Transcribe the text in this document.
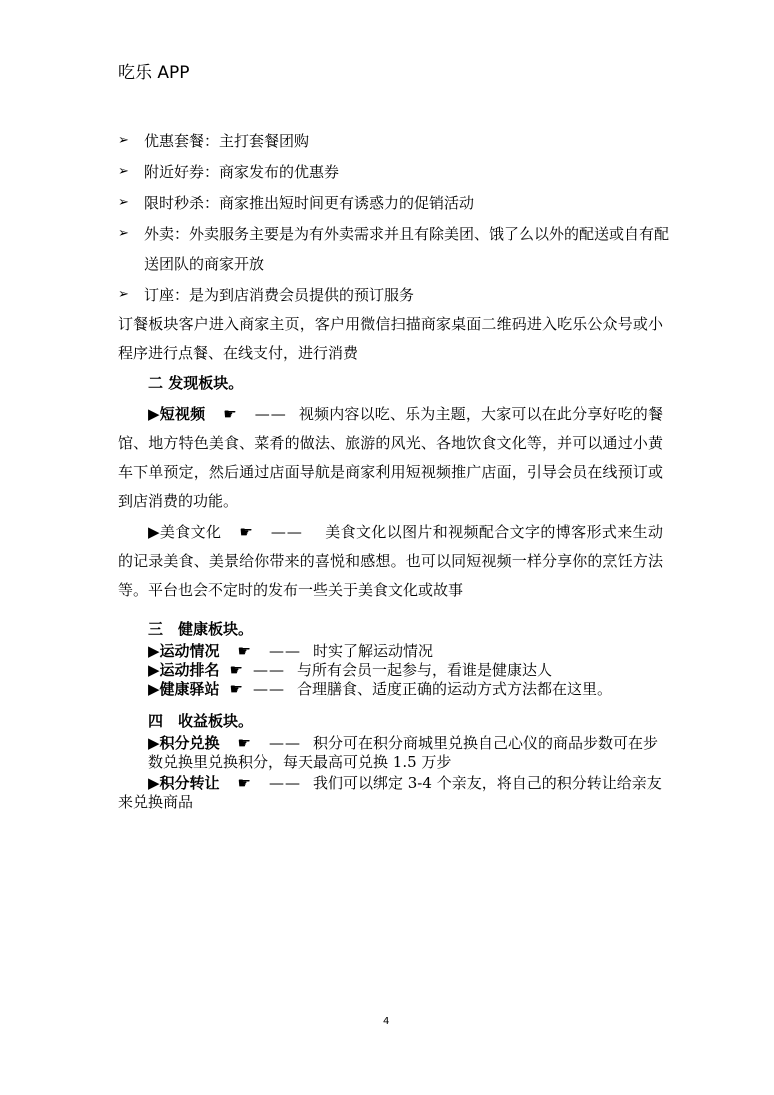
吃乐 APP
➢	优惠套餐：主打套餐团购
➢	附近好券：商家发布的优惠券
➢	限时秒杀：商家推出短时间更有诱惑力的促销活动
➢	外卖：外卖服务主要是为有外卖需求并且有除美团、饿了么以外的配送或自有配送团队的商家开放
➢	订座：是为到店消费会员提供的预订服务
订餐板块客户进入商家主页，客户用微信扫描商家桌面二维码进入吃乐公众号或小程序进行点餐、在线支付，进行消费
二 发现板块。
▶短视频 ☛ —— 视频内容以吃、乐为主题，大家可以在此分享好吃的餐馆、地方特色美食、菜肴的做法、旅游的风光、各地饮食文化等，并可以通过小黄车下单预定，然后通过店面导航是商家利用短视频推广店面，引导会员在线预订或到店消费的功能。
▶美食文化 ☛ —— 美食文化以图片和视频配合文字的博客形式来生动的记录美食、美景给你带来的喜悦和感想。也可以同短视频一样分享你的烹饪方法等。平台也会不定时的发布一些关于美食文化或故事
三　健康板块。
▶运动情况 ☛ —— 时实了解运动情况
▶运动排名 ☛ —— 与所有会员一起参与，看谁是健康达人
▶健康驿站 ☛ —— 合理膳食、适度正确的运动方式方法都在这里。
四　收益板块。
▶积分兑换 ☛ —— 积分可在积分商城里兑换自己心仪的商品步数可在步数兑换里兑换积分，每天最高可兑换 1.5 万步
▶积分转让 ☛ —— 我们可以绑定 3-4 个亲友，将自己的积分转让给亲友来兑换商品
4
